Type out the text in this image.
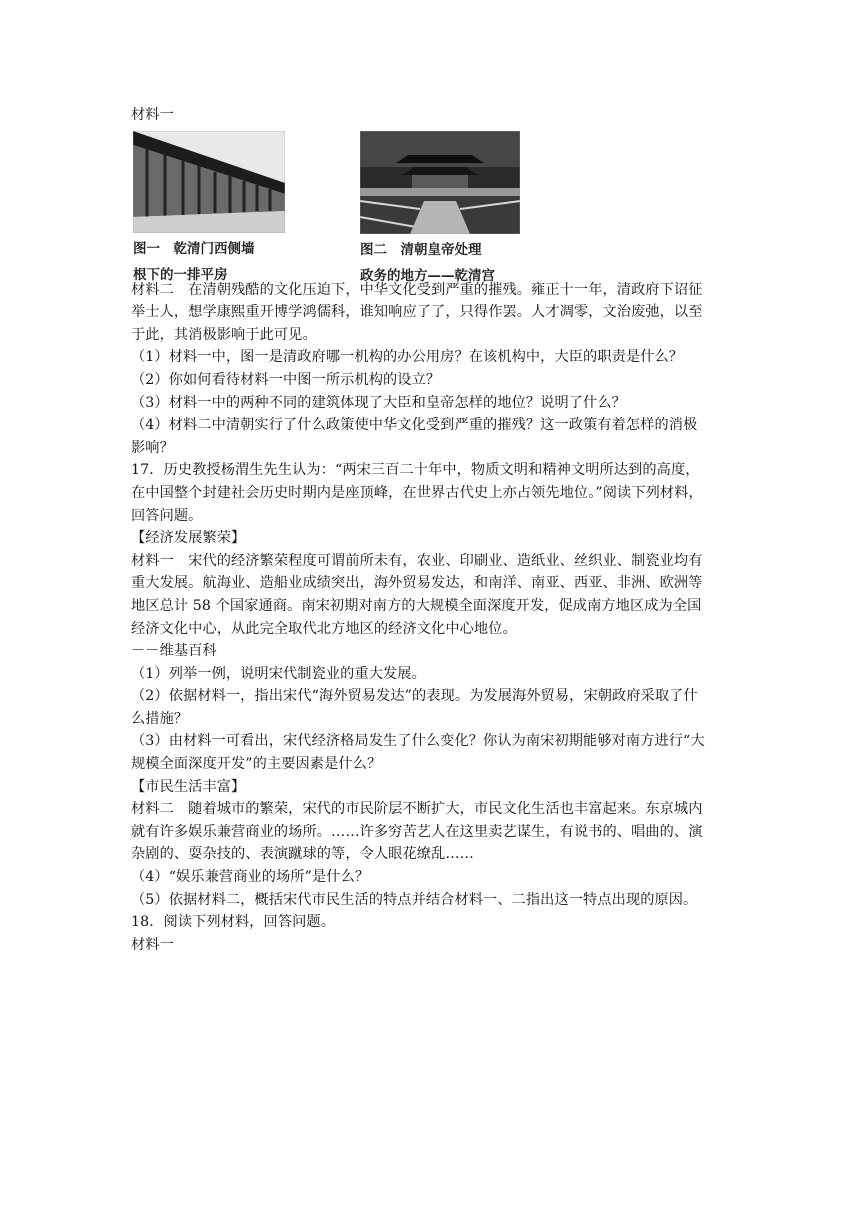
材料一
图一　乾清门西侧墙
根下的一排平房
图二　清朝皇帝处理
政务的地方——乾清宫
材料二　在清朝残酷的文化压迫下，中华文化受到严重的摧残。雍正十一年，清政府下诏征
举士人，想学康熙重开博学鸿儒科，谁知响应了了，只得作罢。人才凋零，文治废弛，以至
于此，其消极影响于此可见。
（1）材料一中，图一是清政府哪一机构的办公用房？在该机构中，大臣的职责是什么？
（2）你如何看待材料一中图一所示机构的设立？
（3）材料一中的两种不同的建筑体现了大臣和皇帝怎样的地位？说明了什么？
（4）材料二中清朝实行了什么政策使中华文化受到严重的摧残？这一政策有着怎样的消极
影响？
17．历史教授杨渭生先生认为：“两宋三百二十年中，物质文明和精神文明所达到的高度，
在中国整个封建社会历史时期内是座顶峰，在世界古代史上亦占领先地位。”阅读下列材料，
回答问题。
【经济发展繁荣】
材料一　宋代的经济繁荣程度可谓前所未有，农业、印刷业、造纸业、丝织业、制瓷业均有
重大发展。航海业、造船业成绩突出，海外贸易发达，和南洋、南亚、西亚、非洲、欧洲等
地区总计 58 个国家通商。南宋初期对南方的大规模全面深度开发，促成南方地区成为全国
经济文化中心，从此完全取代北方地区的经济文化中心地位。
－－维基百科
（1）列举一例，说明宋代制瓷业的重大发展。
（2）依据材料一，指出宋代“海外贸易发达”的表现。为发展海外贸易，宋朝政府采取了什
么措施？
（3）由材料一可看出，宋代经济格局发生了什么变化？你认为南宋初期能够对南方进行“大
规模全面深度开发”的主要因素是什么？
【市民生活丰富】
材料二　随着城市的繁荣，宋代的市民阶层不断扩大，市民文化生活也丰富起来。东京城内
就有许多娱乐兼营商业的场所。……许多穷苦艺人在这里卖艺谋生，有说书的、唱曲的、演
杂剧的、耍杂技的、表演蹴球的等，令人眼花缭乱……
（4）“娱乐兼营商业的场所”是什么？
（5）依据材料二，概括宋代市民生活的特点并结合材料一、二指出这一特点出现的原因。
18．阅读下列材料，回答问题。
材料一
